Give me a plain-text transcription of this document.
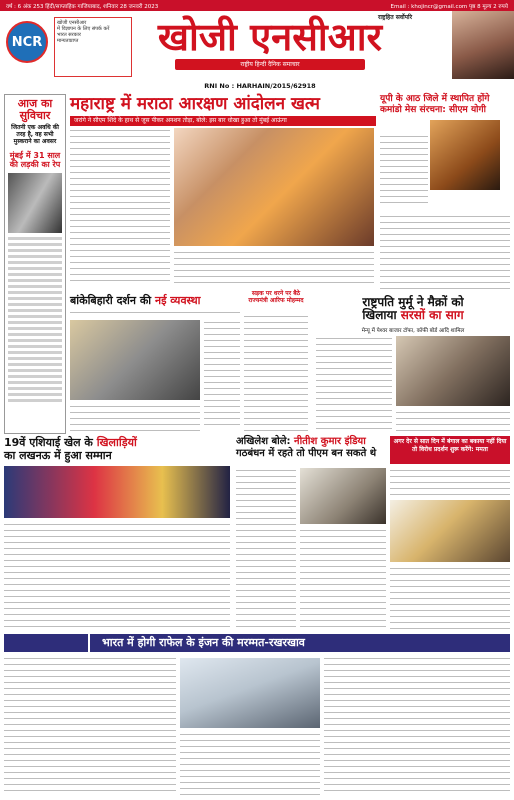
वर्ष : 6 अंक 253 हिंदी/साप्ताहिक गाजियाबाद, शनिवार 28 जनवरी 2023	Email : khojincr@gmail.com पृष्ठ 8 मूल्य 2 रुपये
NCR
खोजी एनसीआर
में विज्ञापन के लिए संपर्क करें
भारत सरकार
मान्यताप्राप्त	खोजी एनसीआर
राष्ट्रहित सर्वोपरि
राष्ट्रीय हिन्दी दैनिक समाचार
RNI No : HARHAIN/2015/62918
आज का सुविचार
जितनी एक अवधि की तरह है, वह सभी मुस्कराने का अवसर
मुंबई में 31 साल की लड़की का रेप
महाराष्ट्र में मराठा आरक्षण आंदोलन खत्म
जरांगे ने सीएम शिंदे के हाथ से जूस पीकर अनशन तोड़ा, बोले: इस बार धोखा हुआ तो मुंबई आऊंगा
यूपी के आठ जिले में स्थापित होंगे कमांडो मेस संरचना: सीएम योगी
बांकेबिहारी दर्शन की नई व्यवस्था
सड़क पर धरने पर बैठे राज्यमंत्री आरिफ मोहम्मद	राष्ट्रपति मुर्मू ने मैक्रों को
खिलाया सरसों का साग
मेन्यू में पेश्वर बाजार टॉफा, कॉफी बोर्ड आदि शामिल
19वें एशियाई खेल के खिलाड़ियों
का लखनऊ में हुआ सम्मान
अखिलेश बोले: नीतीश कुमार इंडिया
गठबंधन में रहते तो पीएम बन सकते थे
अगर देर से सात दिन में बंगाल का बकाया नहीं दिया तो विरोध प्रदर्शन शुरू करेंगे: ममता
भारत में होगी राफेल के इंजन की मरम्मत-रखरखाव
